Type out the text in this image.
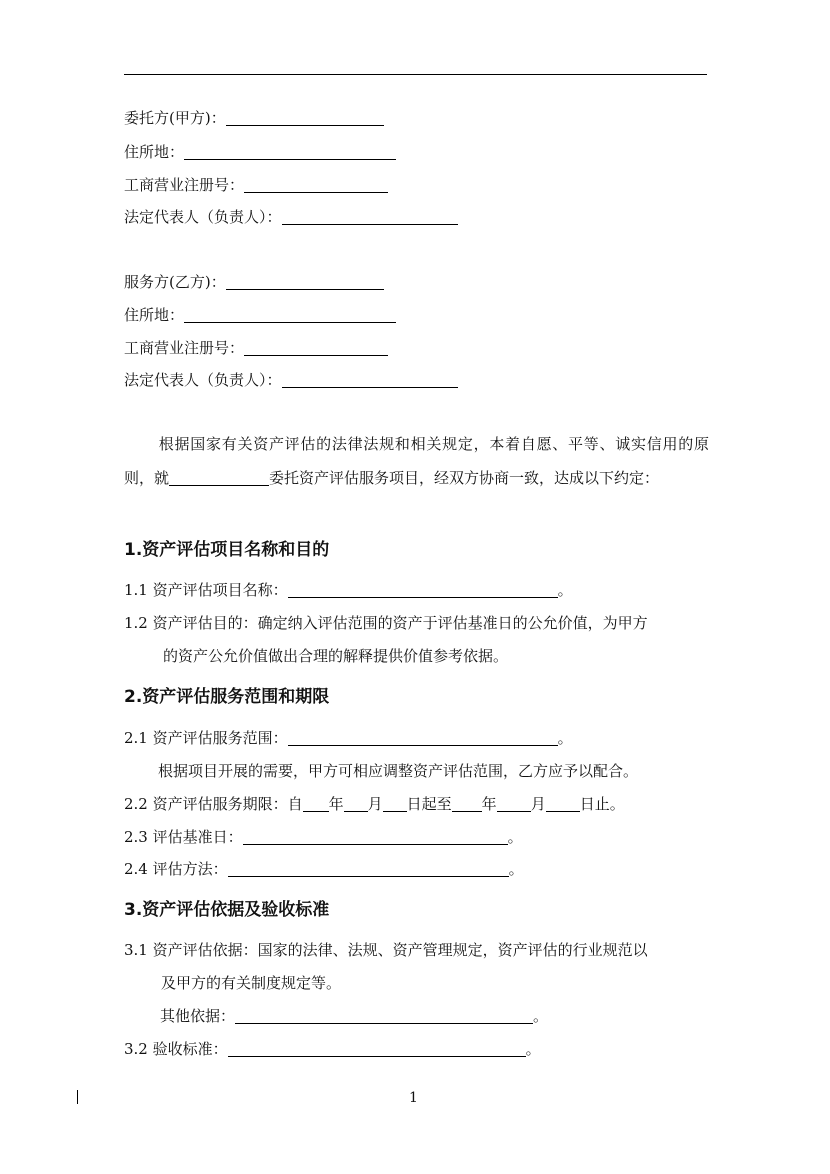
委托方(甲方)：
住所地：
工商营业注册号：
法定代表人（负责人）：
服务方(乙方)：
住所地：
工商营业注册号：
法定代表人（负责人）：
根据国家有关资产评估的法律法规和相关规定，本着自愿、平等、诚实信用的原则，就	委托资产评估服务项目，经双方协商一致，达成以下约定：
1.资产评估项目名称和目的
1.1 资产评估项目名称：	。
1.2 资产评估目的：确定纳入评估范围的资产于评估基准日的公允价值，为甲方
的资产公允价值做出合理的解释提供价值参考依据。
2.资产评估服务范围和期限
2.1 资产评估服务范围：	。
根据项目开展的需要，甲方可相应调整资产评估范围，乙方应予以配合。
2.2 资产评估服务期限：自 年 月 日起至 年 月 日止。
2.3 评估基准日：	。
2.4 评估方法：	。
3.资产评估依据及验收标准
3.1 资产评估依据：国家的法律、法规、资产管理规定，资产评估的行业规范以
及甲方的有关制度规定等。
其他依据：	。
3.2 验收标准：	。
1
